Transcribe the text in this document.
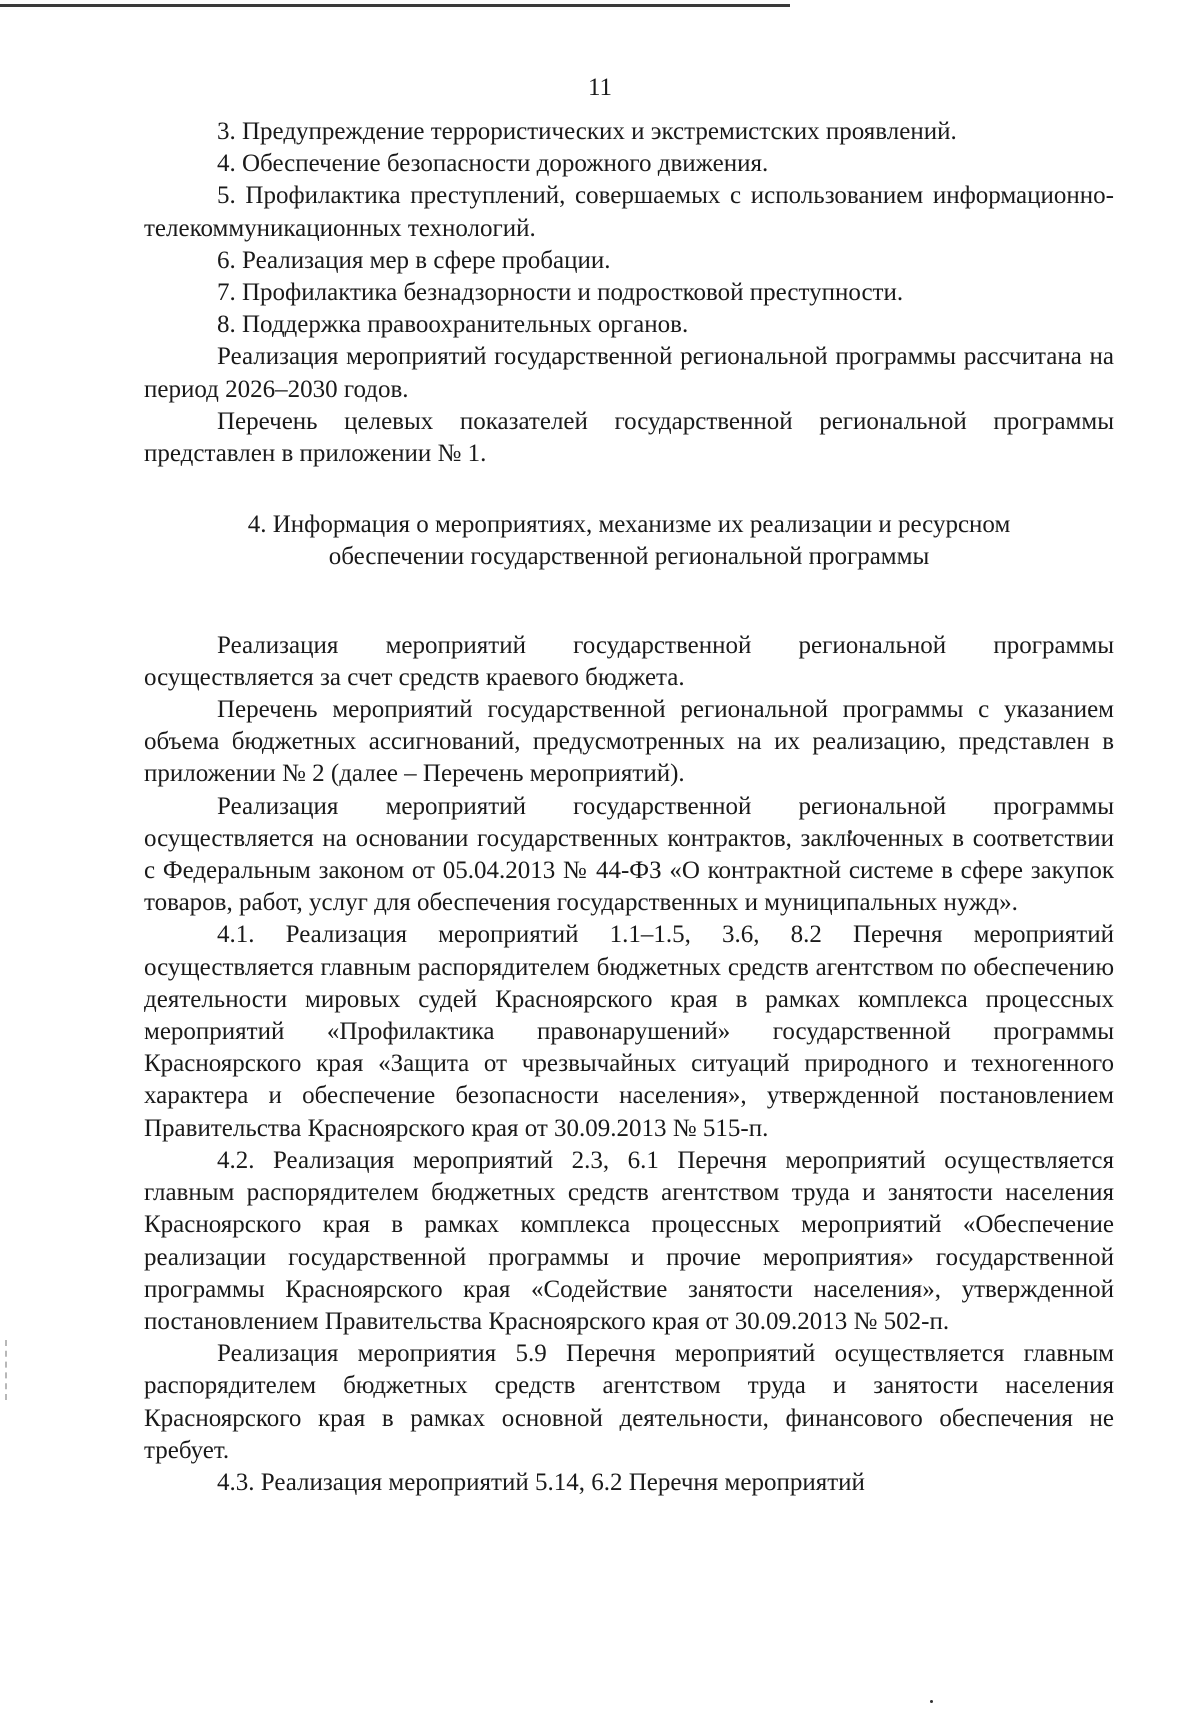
11

3. Предупреждение террористических и экстремистских проявлений.

4. Обеспечение безопасности дорожного движения.

5. Профилактика преступлений, совершаемых с использованием информационно-телекоммуникационных технологий.

6. Реализация мер в сфере пробации.

7. Профилактика безнадзорности и подростковой преступности.

8. Поддержка правоохранительных органов.

Реализация мероприятий государственной региональной программы рассчитана на период 2026–2030 годов.

Перечень целевых показателей государственной региональной программы представлен в приложении № 1.

4. Информация о мероприятиях, механизме их реализации и ресурсном
обеспечении государственной региональной программы

Реализация мероприятий государственной региональной программы осуществляется за счет средств краевого бюджета.

Перечень мероприятий государственной региональной программы с указанием объема бюджетных ассигнований, предусмотренных на их реализацию, представлен в приложении № 2 (далее – Перечень мероприятий).

Реализация мероприятий государственной региональной программы осуществляется на основании государственных контрактов, заключенных в соответствии с Федеральным законом от 05.04.2013 № 44-ФЗ «О контрактной системе в сфере закупок товаров, работ, услуг для обеспечения государственных и муниципальных нужд».

4.1. Реализация мероприятий 1.1–1.5, 3.6, 8.2 Перечня мероприятий осуществляется главным распорядителем бюджетных средств агентством по обеспечению деятельности мировых судей Красноярского края в рамках комплекса процессных мероприятий «Профилактика правонарушений» государственной программы Красноярского края «Защита от чрезвычайных ситуаций природного и техногенного характера и обеспечение безопасности населения», утвержденной постановлением Правительства Красноярского края от 30.09.2013 № 515-п.

4.2. Реализация мероприятий 2.3, 6.1 Перечня мероприятий осуществляется главным распорядителем бюджетных средств агентством труда и занятости населения Красноярского края в рамках комплекса процессных мероприятий «Обеспечение реализации государственной программы и прочие мероприятия» государственной программы Красноярского края «Содействие занятости населения», утвержденной постановлением Правительства Красноярского края от 30.09.2013 № 502-п.

Реализация мероприятия 5.9 Перечня мероприятий осуществляется главным распорядителем бюджетных средств агентством труда и занятости населения Красноярского края в рамках основной деятельности, финансового обеспечения не требует.

4.3. Реализация мероприятий 5.14, 6.2 Перечня мероприятий
